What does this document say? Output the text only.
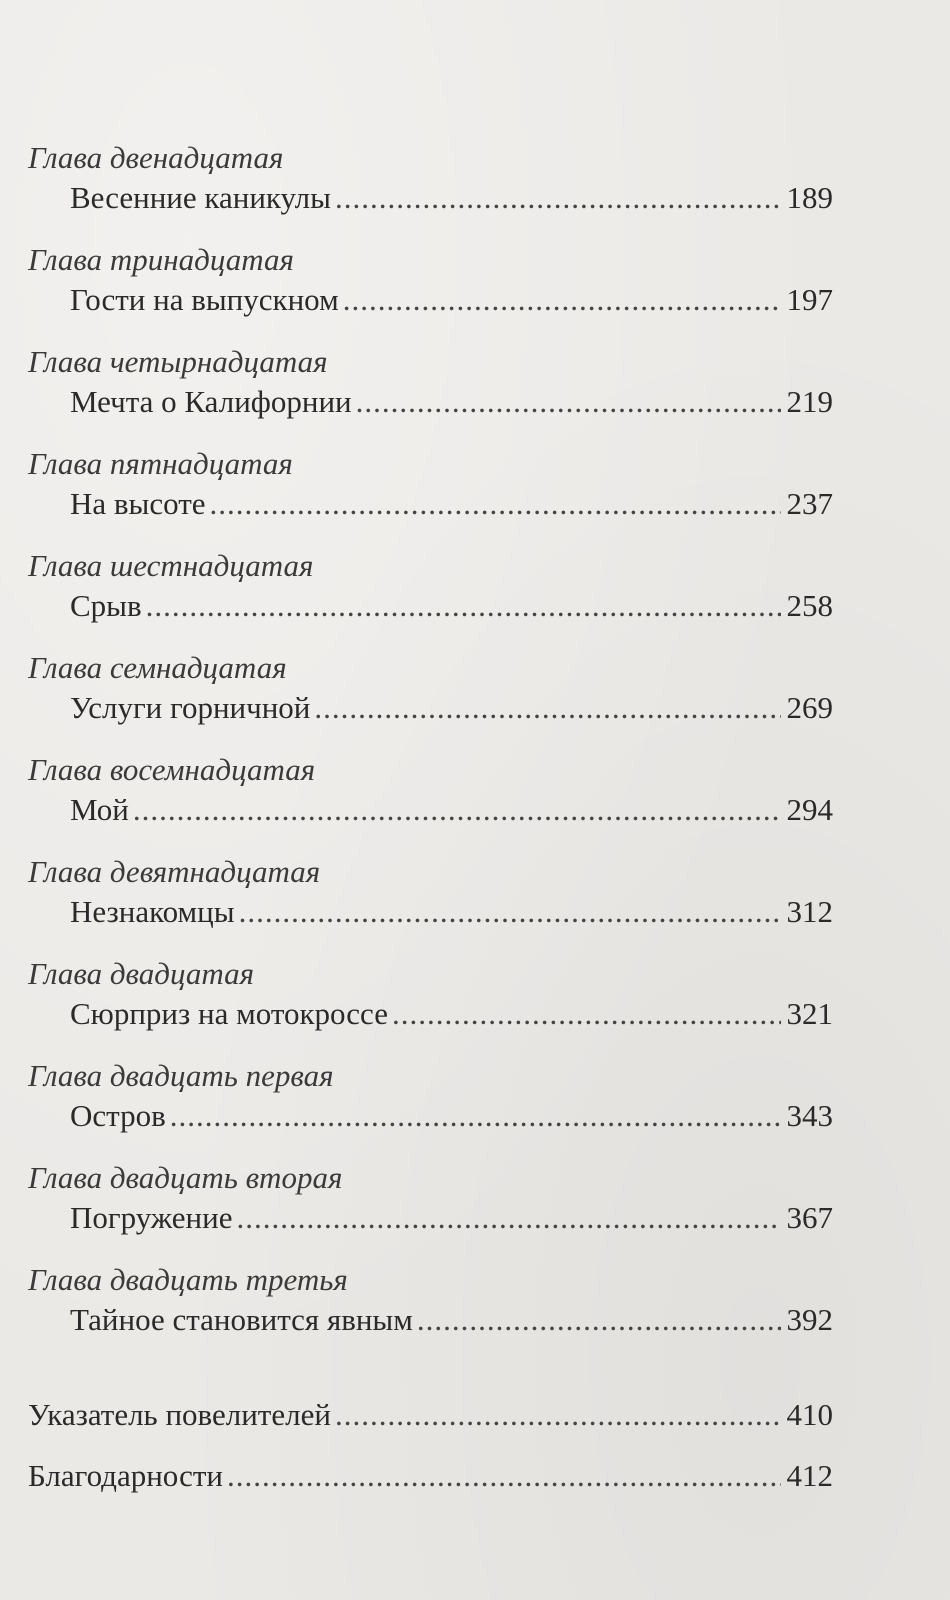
Глава двенадцатая
Весенние каникулы .....	189
Глава тринадцатая
Гости на выпускном .....	197
Глава четырнадцатая
Мечта о Калифорнии .....	219
Глава пятнадцатая
На высоте .....	237
Глава шестнадцатая
Срыв .....	258
Глава семнадцатая
Услуги горничной .....	269
Глава восемнадцатая
Мой .....	294
Глава девятнадцатая
Незнакомцы .....	312
Глава двадцатая
Сюрприз на мотокроссе .....	321
Глава двадцать первая
Остров .....	343
Глава двадцать вторая
Погружение .....	367
Глава двадцать третья
Тайное становится явным .....	392
Указатель повелителей .....	410
Благодарности .....	412
